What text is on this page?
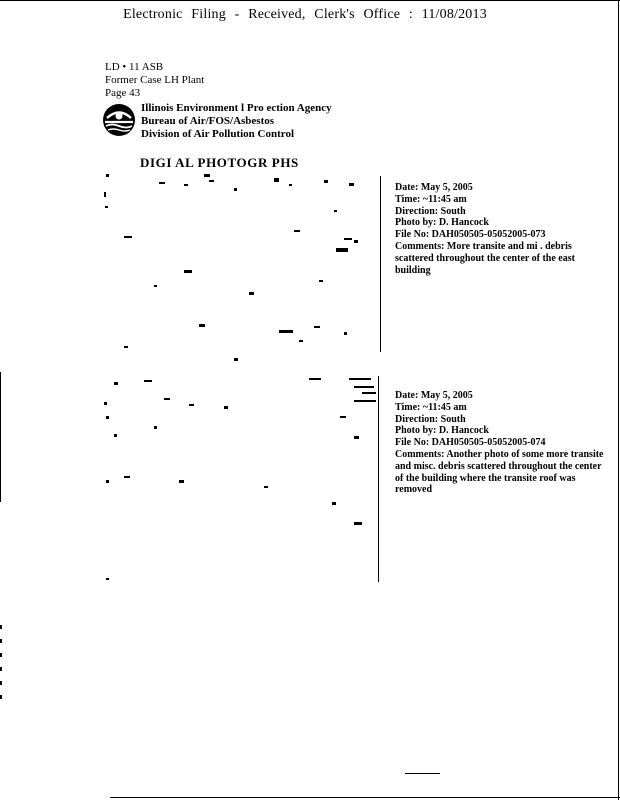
Electronic Filing - Received, Clerk's Office : 11/08/2013
LD • 11 ASB
Former Case LH Plant
Page 43
Illinois Environment l Pro ection Agency
Bureau of Air/FOS/Asbestos
Division of Air Pollution Control
DIGI AL PHOTOGR PHS
Date: May 5, 2005
Time: ~11:45 am
Direction: South
Photo by: D. Hancock
File No: DAH050505-05052005-073
Comments: More transite and mi . debris scattered throughout the center of the east building
Date: May 5, 2005
Time: ~11:45 am
Direction: South
Photo by: D. Hancock
File No: DAH050505-05052005-074
Comments: Another photo of some more transite and misc. debris scattered throughout the center of the building where the transite roof was removed
